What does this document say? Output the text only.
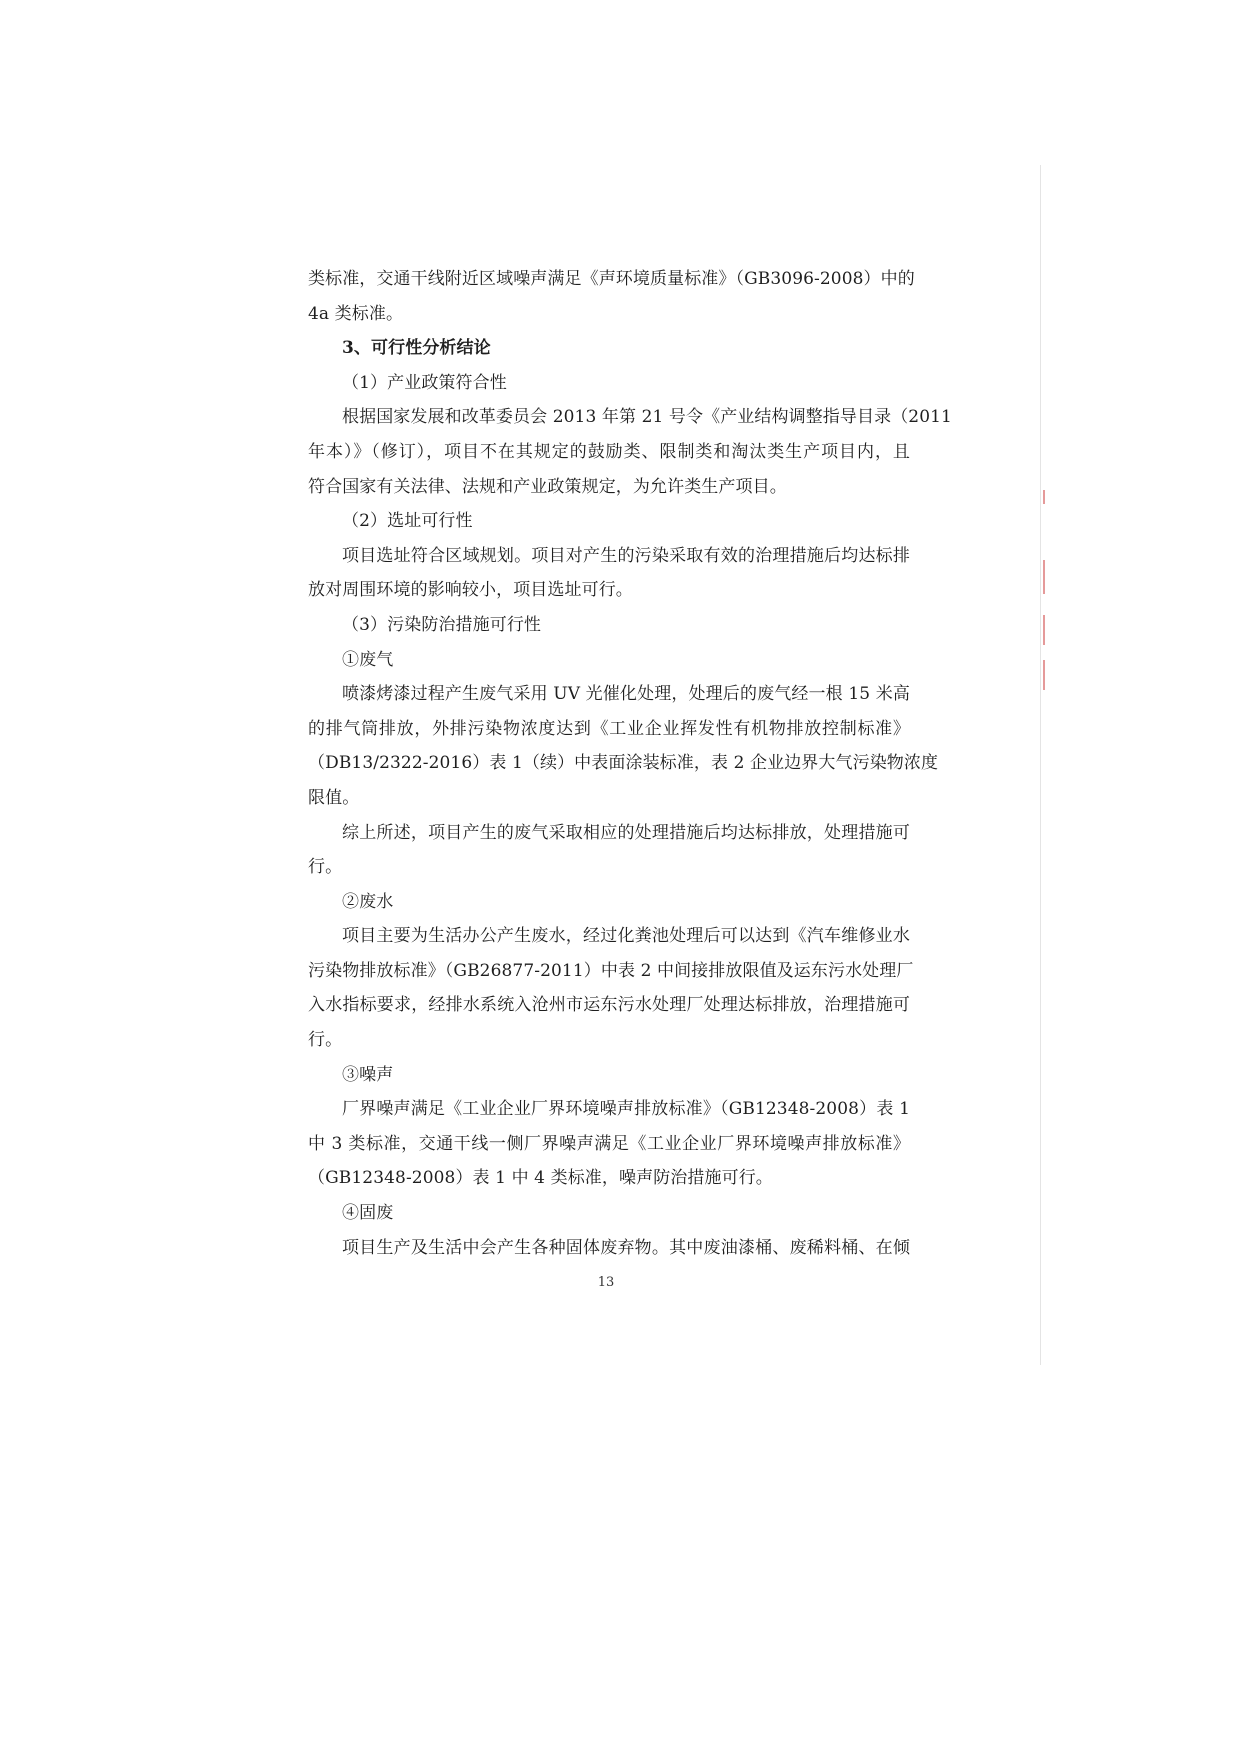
类标准，交通干线附近区域噪声满足《声环境质量标准》（GB3096-2008）中的
4a 类标准。
3、可行性分析结论
（1）产业政策符合性
根据国家发展和改革委员会 2013 年第 21 号令《产业结构调整指导目录（2011
年本）》（修订），项目不在其规定的鼓励类、限制类和淘汰类生产项目内，且
符合国家有关法律、法规和产业政策规定，为允许类生产项目。
（2）选址可行性
项目选址符合区域规划。项目对产生的污染采取有效的治理措施后均达标排
放对周围环境的影响较小，项目选址可行。
（3）污染防治措施可行性
①废气
喷漆烤漆过程产生废气采用 UV 光催化处理，处理后的废气经一根 15 米高
的排气筒排放，外排污染物浓度达到《工业企业挥发性有机物排放控制标准》
（DB13/2322-2016）表 1（续）中表面涂装标准，表 2 企业边界大气污染物浓度
限值。
综上所述，项目产生的废气采取相应的处理措施后均达标排放，处理措施可
行。
②废水
项目主要为生活办公产生废水，经过化粪池处理后可以达到《汽车维修业水
污染物排放标准》（GB26877-2011）中表 2 中间接排放限值及运东污水处理厂
入水指标要求，经排水系统入沧州市运东污水处理厂处理达标排放，治理措施可
行。
③噪声
厂界噪声满足《工业企业厂界环境噪声排放标准》（GB12348-2008）表 1
中 3 类标准，交通干线一侧厂界噪声满足《工业企业厂界环境噪声排放标准》
（GB12348-2008）表 1 中 4 类标准，噪声防治措施可行。
④固废
项目生产及生活中会产生各种固体废弃物。其中废油漆桶、废稀料桶、在倾
13
